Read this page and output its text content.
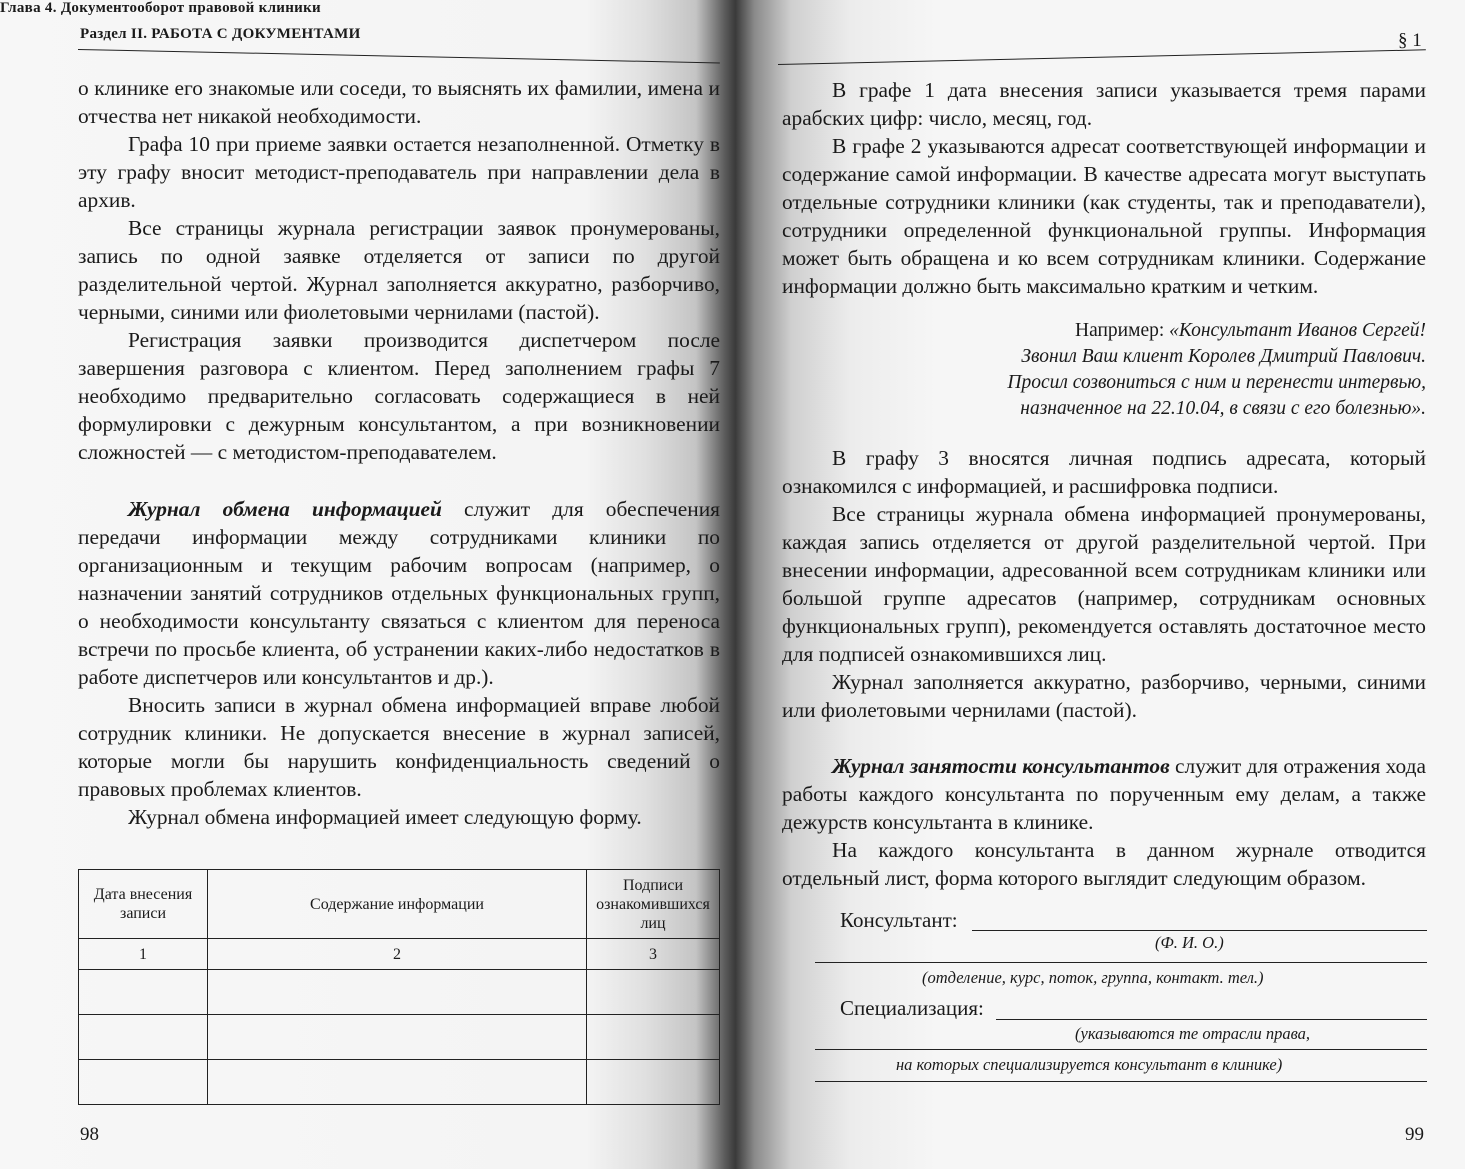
Раздел II. РАБОТА С ДОКУМЕНТАМИ

о клинике его знакомые или соседи, то выяснять их фамилии, имена и отчества нет никакой необходимости.

Графа 10 при приеме заявки остается незаполненной. Отметку в эту графу вносит методист-преподаватель при направлении дела в архив.

Все страницы журнала регистрации заявок пронумерованы, запись по одной заявке отделяется от записи по другой разделительной чертой. Журнал заполняется аккуратно, разборчиво, черными, синими или фиолетовыми чернилами (пастой).

Регистрация заявки производится диспетчером после завершения разговора с клиентом. Перед заполнением графы 7 необходимо предварительно согласовать содержащиеся в ней формулировки с дежурным консультантом, а при возникновении сложностей — с методистом-преподавателем.

Журнал обмена информацией служит для обеспечения передачи информации между сотрудниками клиники по организационным и текущим рабочим вопросам (например, о назначении занятий сотрудников отдельных функциональных групп, о необходимости консультанту связаться с клиентом для переноса встречи по просьбе клиента, об устранении каких-либо недостатков в работе диспетчеров или консультантов и др.).

Вносить записи в журнал обмена информацией вправе любой сотрудник клиники. Не допускается внесение в журнал записей, которые могли бы нарушить конфиденциальность сведений о правовых проблемах клиентов.

Журнал обмена информацией имеет следующую форму.

Дата внесения записи	Содержание информации	Подписи ознакомившихся лиц
1	2	3

98
Глава 4. Документооборот правовой клиники
§ 1

В графе 1 дата внесения записи указывается тремя парами арабских цифр: число, месяц, год.

В графе 2 указываются адресат соответствующей информации и содержание самой информации. В качестве адресата могут выступать отдельные сотрудники клиники (как студенты, так и преподаватели), сотрудники определенной функциональной группы. Информация может быть обращена и ко всем сотрудникам клиники. Содержание информации должно быть максимально кратким и четким.

Например: «Консультант Иванов Сергей!
Звонил Ваш клиент Королев Дмитрий Павлович.
Просил созвониться с ним и перенести интервью,
назначенное на 22.10.04, в связи с его болезнью».

В графу 3 вносятся личная подпись адресата, который ознакомился с информацией, и расшифровка подписи.

Все страницы журнала обмена информацией пронумерованы, каждая запись отделяется от другой разделительной чертой. При внесении информации, адресованной всем сотрудникам клиники или большой группе адресатов (например, сотрудникам основных функциональных групп), рекомендуется оставлять достаточное место для подписей ознакомившихся лиц.

Журнал заполняется аккуратно, разборчиво, черными, синими или фиолетовыми чернилами (пастой).

Журнал занятости консультантов служит для отражения хода работы каждого консультанта по порученным ему делам, а также дежурств консультанта в клинике.

На каждого консультанта в данном журнале отводится отдельный лист, форма которого выглядит следующим образом.

Консультант:
(Ф. И. О.)
(отделение, курс, поток, группа, контакт. тел.)
Специализация:
(указываются те отрасли права,
на которых специализируется консультант в клинике)
99
